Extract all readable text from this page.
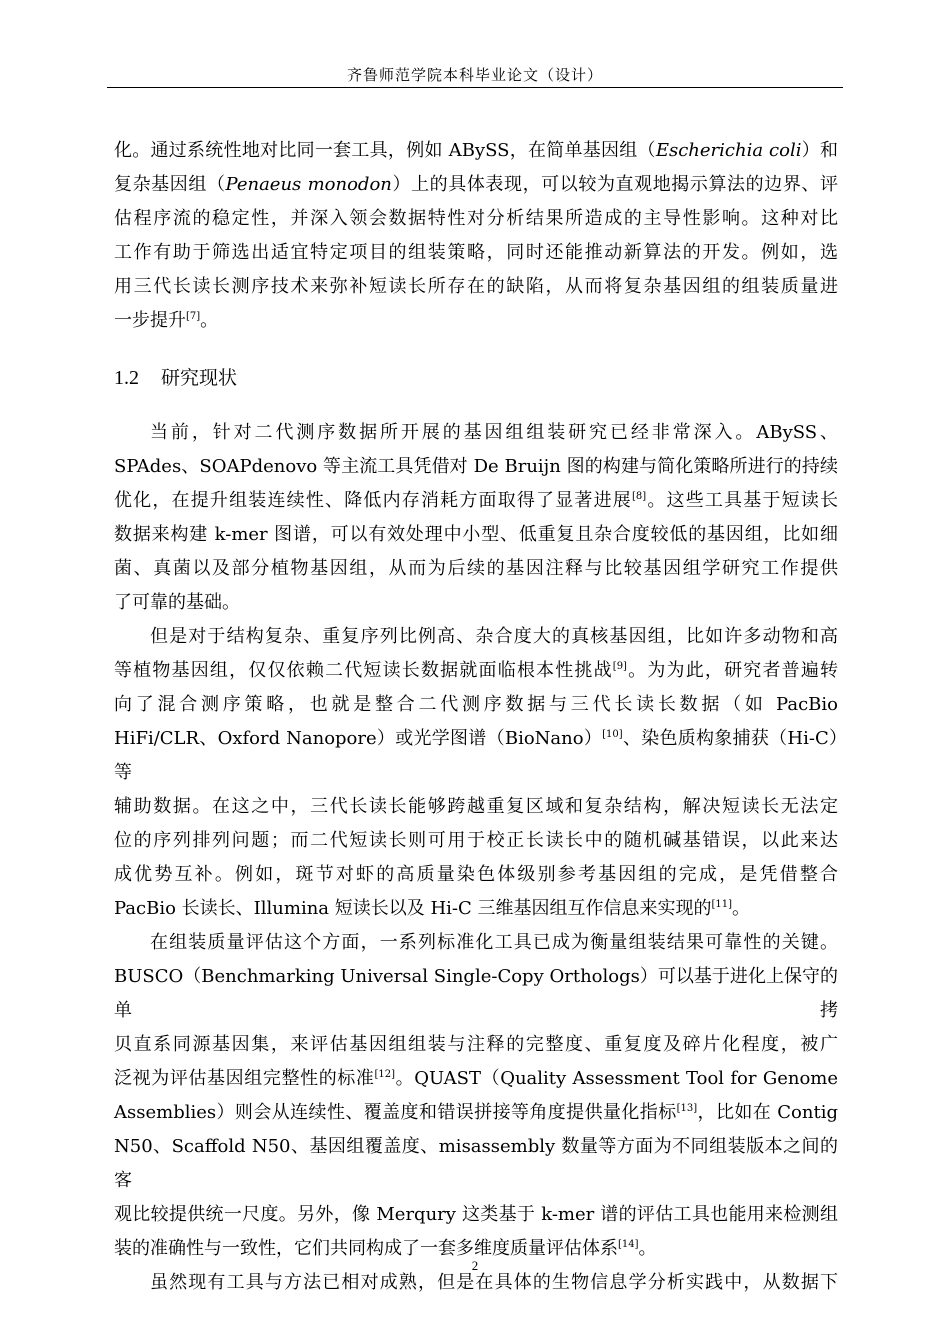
齐鲁师范学院本科毕业论文（设计）

化。通过系统性地对比同一套工具，例如 ABySS，在简单基因组（Escherichia coli）和
复杂基因组（Penaeus monodon）上的具体表现，可以较为直观地揭示算法的边界、评
估程序流的稳定性，并深入领会数据特性对分析结果所造成的主导性影响。这种对比
工作有助于筛选出适宜特定项目的组装策略，同时还能推动新算法的开发。例如，选
用三代长读长测序技术来弥补短读长所存在的缺陷，从而将复杂基因组的组装质量进
一步提升[7]。

1.2 研究现状

当前，针对二代测序数据所开展的基因组组装研究已经非常深入。ABySS、
SPAdes、SOAPdenovo 等主流工具凭借对 De Bruijn 图的构建与简化策略所进行的持续
优化，在提升组装连续性、降低内存消耗方面取得了显著进展[8]。这些工具基于短读长
数据来构建 k-mer 图谱，可以有效处理中小型、低重复且杂合度较低的基因组，比如细
菌、真菌以及部分植物基因组，从而为后续的基因注释与比较基因组学研究工作提供
了可靠的基础。

但是对于结构复杂、重复序列比例高、杂合度大的真核基因组，比如许多动物和高
等植物基因组，仅仅依赖二代短读长数据就面临根本性挑战[9]。为为此，研究者普遍转
向了混合测序策略，也就是整合二代测序数据与三代长读长数据（如 PacBio
HiFi/CLR、Oxford Nanopore）或光学图谱（BioNano）[10]、染色质构象捕获（Hi-C）等
辅助数据。在这之中，三代长读长能够跨越重复区域和复杂结构，解决短读长无法定
位的序列排列问题；而二代短读长则可用于校正长读长中的随机碱基错误，以此来达
成优势互补。例如，斑节对虾的高质量染色体级别参考基因组的完成，是凭借整合
PacBio 长读长、Illumina 短读长以及 Hi-C 三维基因组互作信息来实现的[11]。

在组装质量评估这个方面，一系列标准化工具已成为衡量组装结果可靠性的关键。
BUSCO（Benchmarking Universal Single-Copy Orthologs）可以基于进化上保守的单拷
贝直系同源基因集，来评估基因组组装与注释的完整度、重复度及碎片化程度，被广
泛视为评估基因组完整性的标准[12]。QUAST（Quality Assessment Tool for Genome
Assemblies）则会从连续性、覆盖度和错误拼接等角度提供量化指标[13]，比如在 Contig
N50、Scaffold N50、基因组覆盖度、misassembly 数量等方面为不同组装版本之间的客
观比较提供统一尺度。另外，像 Merqury 这类基于 k-mer 谱的评估工具也能用来检测组
装的准确性与一致性，它们共同构成了一套多维度质量评估体系[14]。

虽然现有工具与方法已相对成熟，但是在具体的生物信息学分析实践中，从数据下

2
